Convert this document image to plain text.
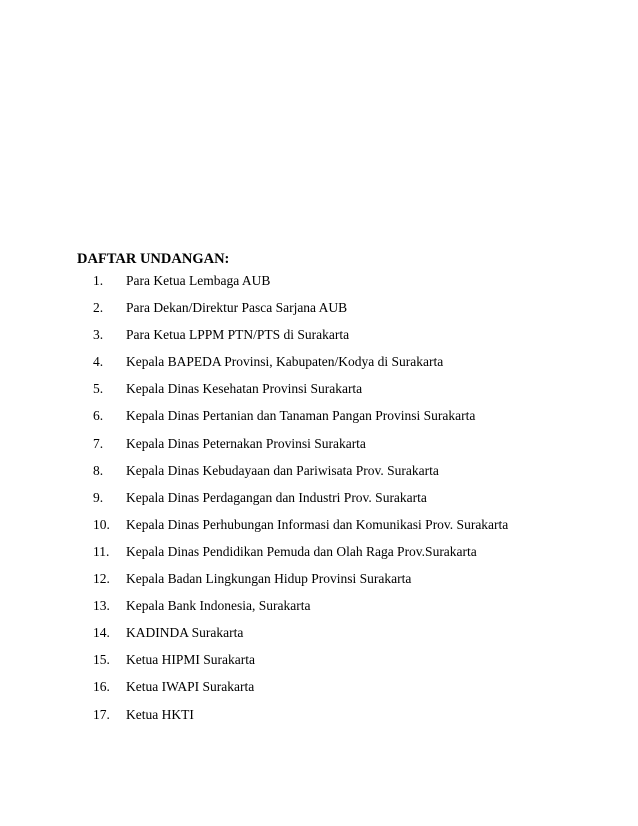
DAFTAR UNDANGAN:
1.	Para Ketua Lembaga AUB
2.	Para Dekan/Direktur Pasca Sarjana AUB
3.	Para Ketua LPPM PTN/PTS di Surakarta
4.	Kepala BAPEDA Provinsi, Kabupaten/Kodya di Surakarta
5.	Kepala Dinas Kesehatan Provinsi Surakarta
6.	Kepala Dinas Pertanian dan Tanaman Pangan Provinsi Surakarta
7.	Kepala Dinas Peternakan Provinsi Surakarta
8.	Kepala Dinas Kebudayaan dan Pariwisata Prov. Surakarta
9.	Kepala Dinas Perdagangan dan Industri Prov. Surakarta
10.	Kepala Dinas Perhubungan Informasi dan Komunikasi Prov. Surakarta
11.	Kepala Dinas Pendidikan Pemuda dan Olah Raga Prov.Surakarta
12.	Kepala Badan Lingkungan Hidup Provinsi Surakarta
13.	Kepala Bank Indonesia, Surakarta
14.	KADINDA Surakarta
15.	Ketua HIPMI Surakarta
16.	Ketua IWAPI Surakarta
17.	Ketua HKTI
